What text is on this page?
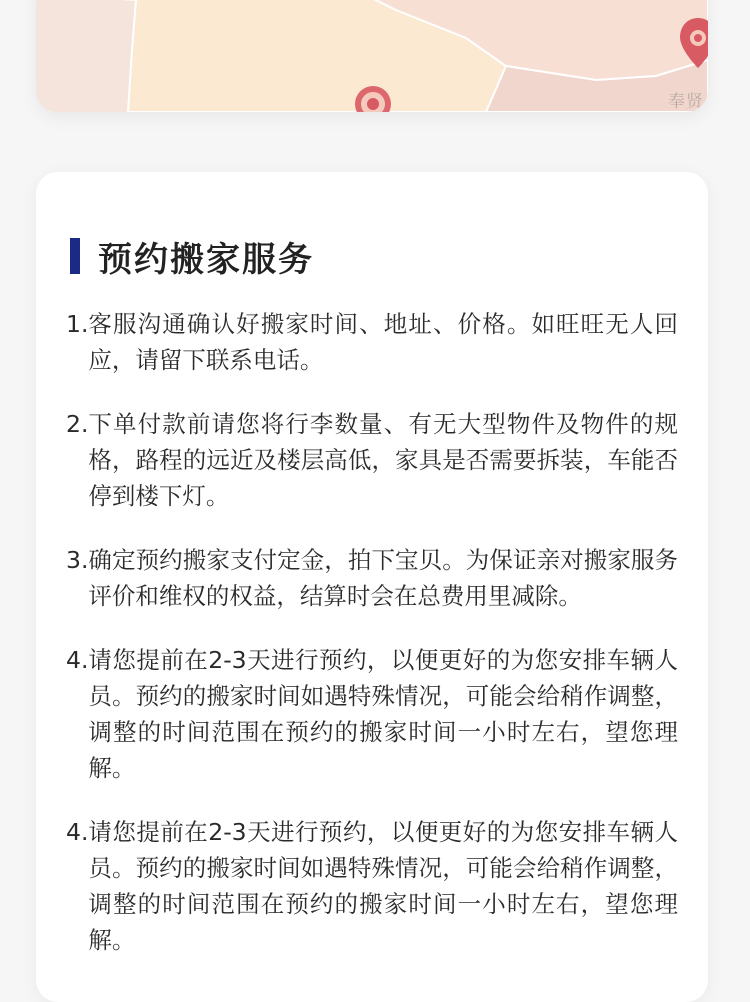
奉贤
预约搬家服务
1. 客服沟通确认好搬家时间、地址、价格。如旺旺无人回应，请留下联系电话。
2. 下单付款前请您将行李数量、有无大型物件及物件的规格，路程的远近及楼层高低，家具是否需要拆装，车能否停到楼下灯。
3. 确定预约搬家支付定金，拍下宝贝。为保证亲对搬家服务评价和维权的权益，结算时会在总费用里减除。
4. 请您提前在2-3天进行预约，以便更好的为您安排车辆人员。预约的搬家时间如遇特殊情况，可能会给稍作调整，调整的时间范围在预约的搬家时间一小时左右，望您理解。
4. 请您提前在2-3天进行预约，以便更好的为您安排车辆人员。预约的搬家时间如遇特殊情况，可能会给稍作调整，调整的时间范围在预约的搬家时间一小时左右，望您理解。
